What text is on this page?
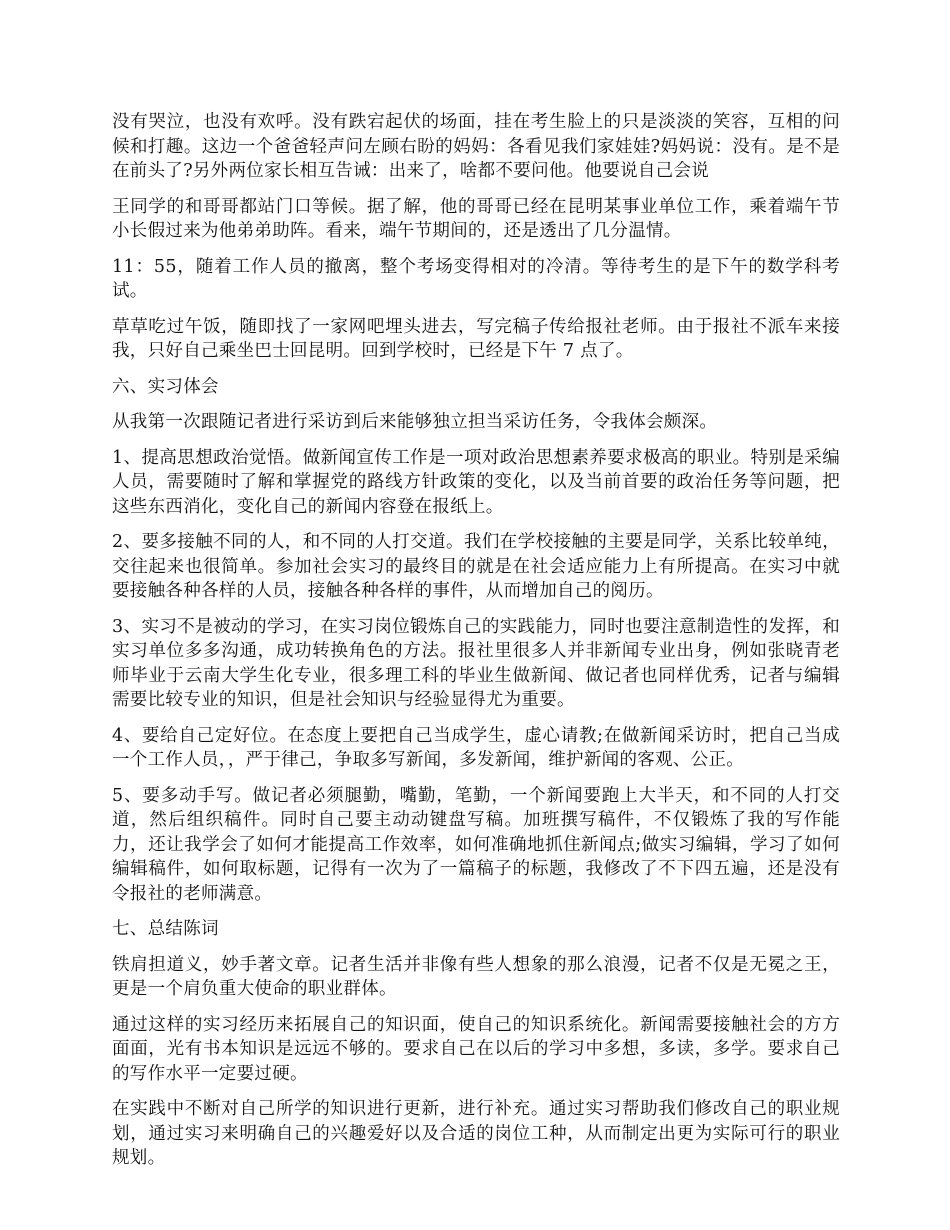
没有哭泣，也没有欢呼。没有跌宕起伏的场面，挂在考生脸上的只是淡淡的笑容，互相的问候和打趣。这边一个爸爸轻声问左顾右盼的妈妈：各看见我们家娃娃?妈妈说：没有。是不是在前头了?另外两位家长相互告诫：出来了，啥都不要问他。他要说自己会说

王同学的和哥哥都站门口等候。据了解，他的哥哥已经在昆明某事业单位工作，乘着端午节小长假过来为他弟弟助阵。看来，端午节期间的，还是透出了几分温情。

11：55，随着工作人员的撤离，整个考场变得相对的冷清。等待考生的是下午的数学科考试。

草草吃过午饭，随即找了一家网吧埋头进去，写完稿子传给报社老师。由于报社不派车来接我，只好自己乘坐巴士回昆明。回到学校时，已经是下午 7 点了。

六、实习体会

从我第一次跟随记者进行采访到后来能够独立担当采访任务，令我体会颇深。

1、提高思想政治觉悟。做新闻宣传工作是一项对政治思想素养要求极高的职业。特别是采编人员，需要随时了解和掌握党的路线方针政策的变化，以及当前首要的政治任务等问题，把这些东西消化，变化自己的新闻内容登在报纸上。

2、要多接触不同的人，和不同的人打交道。我们在学校接触的主要是同学，关系比较单纯，交往起来也很简单。参加社会实习的最终目的就是在社会适应能力上有所提高。在实习中就要接触各种各样的人员，接触各种各样的事件，从而增加自己的阅历。

3、实习不是被动的学习，在实习岗位锻炼自己的实践能力，同时也要注意制造性的发挥，和实习单位多多沟通，成功转换角色的方法。报社里很多人并非新闻专业出身，例如张晓青老师毕业于云南大学生化专业，很多理工科的毕业生做新闻、做记者也同样优秀，记者与编辑需要比较专业的知识，但是社会知识与经验显得尤为重要。

4、要给自己定好位。在态度上要把自己当成学生，虚心请教;在做新闻采访时，把自己当成一个工作人员，，严于律己，争取多写新闻，多发新闻，维护新闻的客观、公正。

5、要多动手写。做记者必须腿勤，嘴勤，笔勤，一个新闻要跑上大半天，和不同的人打交道，然后组织稿件。同时自己要主动动键盘写稿。加班撰写稿件，不仅锻炼了我的写作能力，还让我学会了如何才能提高工作效率，如何准确地抓住新闻点;做实习编辑，学习了如何编辑稿件，如何取标题，记得有一次为了一篇稿子的标题，我修改了不下四五遍，还是没有令报社的老师满意。

七、总结陈词

铁肩担道义，妙手著文章。记者生活并非像有些人想象的那么浪漫，记者不仅是无冕之王，更是一个肩负重大使命的职业群体。

通过这样的实习经历来拓展自己的知识面，使自己的知识系统化。新闻需要接触社会的方方面面，光有书本知识是远远不够的。要求自己在以后的学习中多想，多读，多学。要求自己的写作水平一定要过硬。

在实践中不断对自己所学的知识进行更新，进行补充。通过实习帮助我们修改自己的职业规划，通过实习来明确自己的兴趣爱好以及合适的岗位工种，从而制定出更为实际可行的职业规划。
